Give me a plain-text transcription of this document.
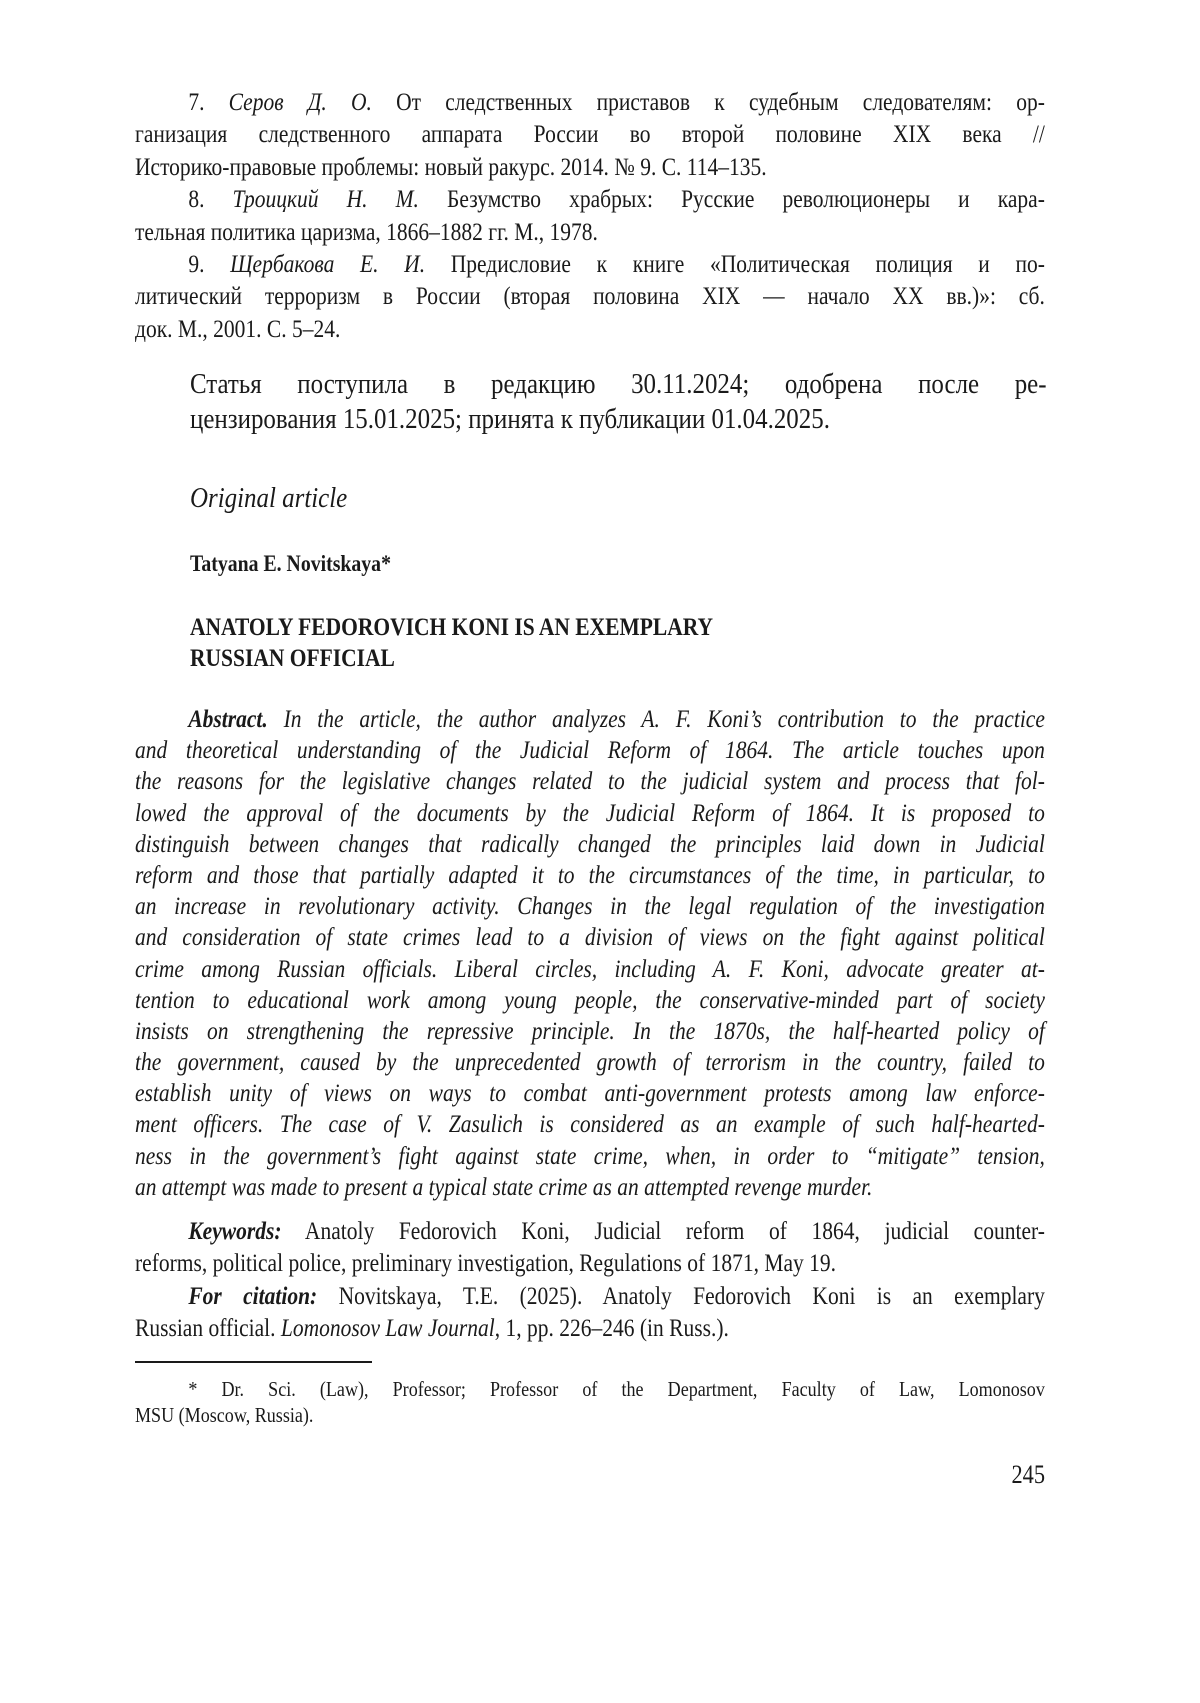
7. Серов Д. О. От следственных приставов к судебным следователям: ор-
ганизация следственного аппарата России во второй половине XIX века //
Историко-правовые проблемы: новый ракурс. 2014. № 9. С. 114–135.
8. Троицкий Н. М. Безумство храбрых: Русские революционеры и кара-
тельная политика царизма, 1866–1882 гг. М., 1978.
9. Щербакова Е. И. Предисловие к книге «Политическая полиция и по-
литический терроризм в России (вторая половина XIX — начало XX вв.)»: сб.
док. М., 2001. С. 5–24.
Статья поступила в редакцию 30.11.2024; одобрена после ре-
цензирования 15.01.2025; принята к публикации 01.04.2025.
Original article
Tatyana E. Novitskaya*
ANATOLY FEDOROVICH KONI IS AN EXEMPLARY
RUSSIAN OFFICIAL
Abstract. In the article, the author analyzes A. F. Koni’s contribution to the practice
and theoretical understanding of the Judicial Reform of 1864. The article touches upon
the reasons for the legislative changes related to the judicial system and process that fol-
lowed the approval of the documents by the Judicial Reform of 1864. It is proposed to
distinguish between changes that radically changed the principles laid down in Judicial
reform and those that partially adapted it to the circumstances of the time, in particular, to
an increase in revolutionary activity. Changes in the legal regulation of the investigation
and consideration of state crimes lead to a division of views on the fight against political
crime among Russian officials. Liberal circles, including A. F. Koni, advocate greater at-
tention to educational work among young people, the conservative-minded part of society
insists on strengthening the repressive principle. In the 1870s, the half-hearted policy of
the government, caused by the unprecedented growth of terrorism in the country, failed to
establish unity of views on ways to combat anti-government protests among law enforce-
ment officers. The case of V. Zasulich is considered as an example of such half-hearted-
ness in the government’s fight against state crime, when, in order to “mitigate” tension,
an attempt was made to present a typical state crime as an attempted revenge murder.
Keywords: Anatoly Fedorovich Koni, Judicial reform of 1864, judicial counter-
reforms, political police, preliminary investigation, Regulations of 1871, May 19.
For citation: Novitskaya, T.E. (2025). Anatoly Fedorovich Koni is an exemplary
Russian official. Lomonosov Law Journal, 1, pp. 226–246 (in Russ.).
* Dr. Sci. (Law), Professor; Professor of the Department, Faculty of Law, Lomonosov
MSU (Moscow, Russia).
245
